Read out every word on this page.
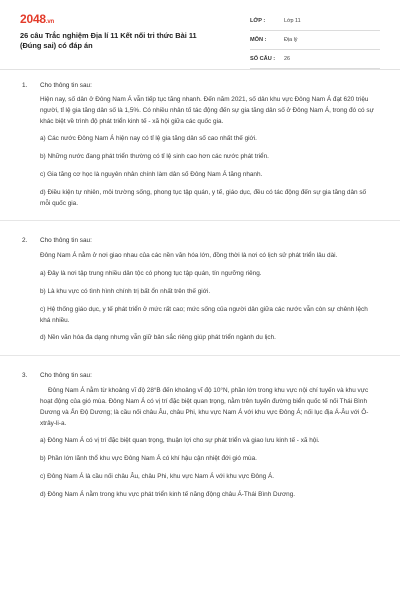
2048.vn
26 câu Trắc nghiệm Địa lí 11 Kết nối tri thức Bài 11 (Đúng sai) có đáp án
LỚP :	Lớp 11
MÔN :	Địa lý
SỐ CÂU :	26
1.	Cho thông tin sau:
Hiện nay, số dân ở Đông Nam Á vẫn tiếp tục tăng nhanh. Đến năm 2021, số dân khu vực Đông Nam Á đạt 620 triệu người, tỉ lệ gia tăng dân số là 1,5%. Có nhiều nhân tố tác động đến sự gia tăng dân số ở Đông Nam Á, trong đó có sự khác biệt về trình độ phát triển kinh tế - xã hội giữa các quốc gia.
a) Các nước Đông Nam Á hiện nay có tỉ lệ gia tăng dân số cao nhất thế giới.
b) Những nước đang phát triển thường có tỉ lệ sinh cao hơn các nước phát triển.
c) Gia tăng cơ học là nguyên nhân chính làm dân số Đông Nam Á tăng nhanh.
d) Điều kiện tự nhiên, môi trường sống, phong tục tập quán, y tế, giáo dục, đều có tác động đến sự gia tăng dân số mỗi quốc gia.
2.	Cho thông tin sau:
Đông Nam Á nằm ở nơi giao nhau của các nền văn hóa lớn, đồng thời là nơi có lịch sử phát triển lâu dài.
a) Đây là nơi tập trung nhiều dân tộc có phong tục tập quán, tín ngưỡng riêng.
b) Là khu vực có tình hình chính trị bất ổn nhất trên thế giới.
c) Hệ thống giáo dục, y tế phát triển ở mức rất cao; mức sống của người dân giữa các nước vẫn còn sự chênh lệch khá nhiều.
d) Nền văn hóa đa dạng nhưng vẫn giữ bản sắc riêng giúp phát triển ngành du lịch.
3.	Cho thông tin sau:
Đông Nam Á nằm từ khoảng vĩ độ 28°B đến khoảng vĩ độ 10°N, phần lớn trong khu vực nội chí tuyến và khu vực hoạt động của gió mùa. Đông Nam Á có vị trí đặc biệt quan trọng, nằm trên tuyến đường biển quốc tế nối Thái Bình Dương và Ấn Độ Dương; là cầu nối châu Âu, châu Phi, khu vực Nam Á với khu vực Đông Á; nối lục địa Á-Âu với Ô-xtrây-li-a.
a) Đông Nam Á có vị trí đặc biệt quan trọng, thuận lợi cho sự phát triển và giao lưu kinh tế - xã hội.
b) Phần lớn lãnh thổ khu vực Đông Nam Á có khí hậu cận nhiệt đới gió mùa.
c) Đông Nam Á là cầu nối châu Âu, châu Phi, khu vực Nam Á với khu vực Đông Á.
d) Đông Nam Á nằm trong khu vực phát triển kinh tế năng động châu Á-Thái Bình Dương.
